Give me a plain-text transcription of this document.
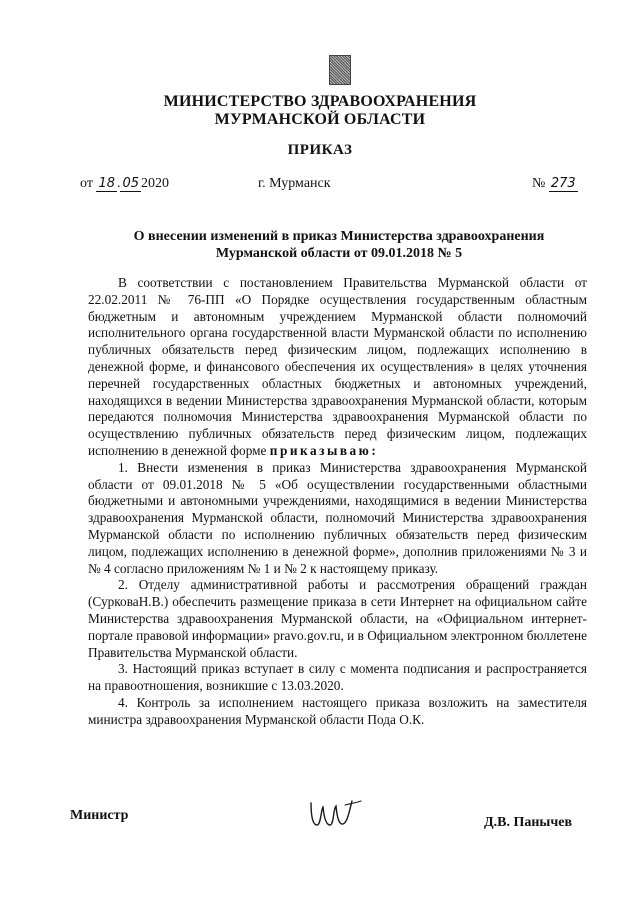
МИНИСТЕРСТВО ЗДРАВООХРАНЕНИЯ
МУРМАНСКОЙ ОБЛАСТИ
ПРИКАЗ
от 18 . 05 2020	г. Мурманск	№ 273
О внесении изменений в приказ Министерства здравоохранения Мурманской области от 09.01.2018 № 5

В соответствии с постановлением Правительства Мурманской области от 22.02.2011 № 76-ПП «О Порядке осуществления государственным областным бюджетным и автономным учреждением Мурманской области полномочий исполнительного органа государственной власти Мурманской области по исполнению публичных обязательств перед физическим лицом, подлежащих исполнению в денежной форме, и финансового обеспечения их осуществления» в целях уточнения перечней государственных областных бюджетных и автономных учреждений, находящихся в ведении Министерства здравоохранения Мурманской области, которым передаются полномочия Министерства здравоохранения Мурманской области по осуществлению публичных обязательств перед физическим лицом, подлежащих исполнению в денежной форме приказываю:

1. Внести изменения в приказ Министерства здравоохранения Мурманской области от 09.01.2018 № 5 «Об осуществлении государственными областными бюджетными и автономными учреждениями, находящимися в ведении Министерства здравоохранения Мурманской области, полномочий Министерства здравоохранения Мурманской области по исполнению публичных обязательств перед физическим лицом, подлежащих исполнению в денежной форме», дополнив приложениями № 3 и № 4 согласно приложениям № 1 и № 2 к настоящему приказу.

2. Отделу административной работы и рассмотрения обращений граждан (СурковаН.В.) обеспечить размещение приказа в сети Интернет на официальном сайте Министерства здравоохранения Мурманской области, на «Официальном интернет-портале правовой информации» pravo.gov.ru, и в Официальном электронном бюллетене Правительства Мурманской области.

3. Настоящий приказ вступает в силу с момента подписания и распространяется на правоотношения, возникшие с 13.03.2020.

4. Контроль за исполнением настоящего приказа возложить на заместителя министра здравоохранения Мурманской области Пода О.К.

Министр	Д.В. Панычев
